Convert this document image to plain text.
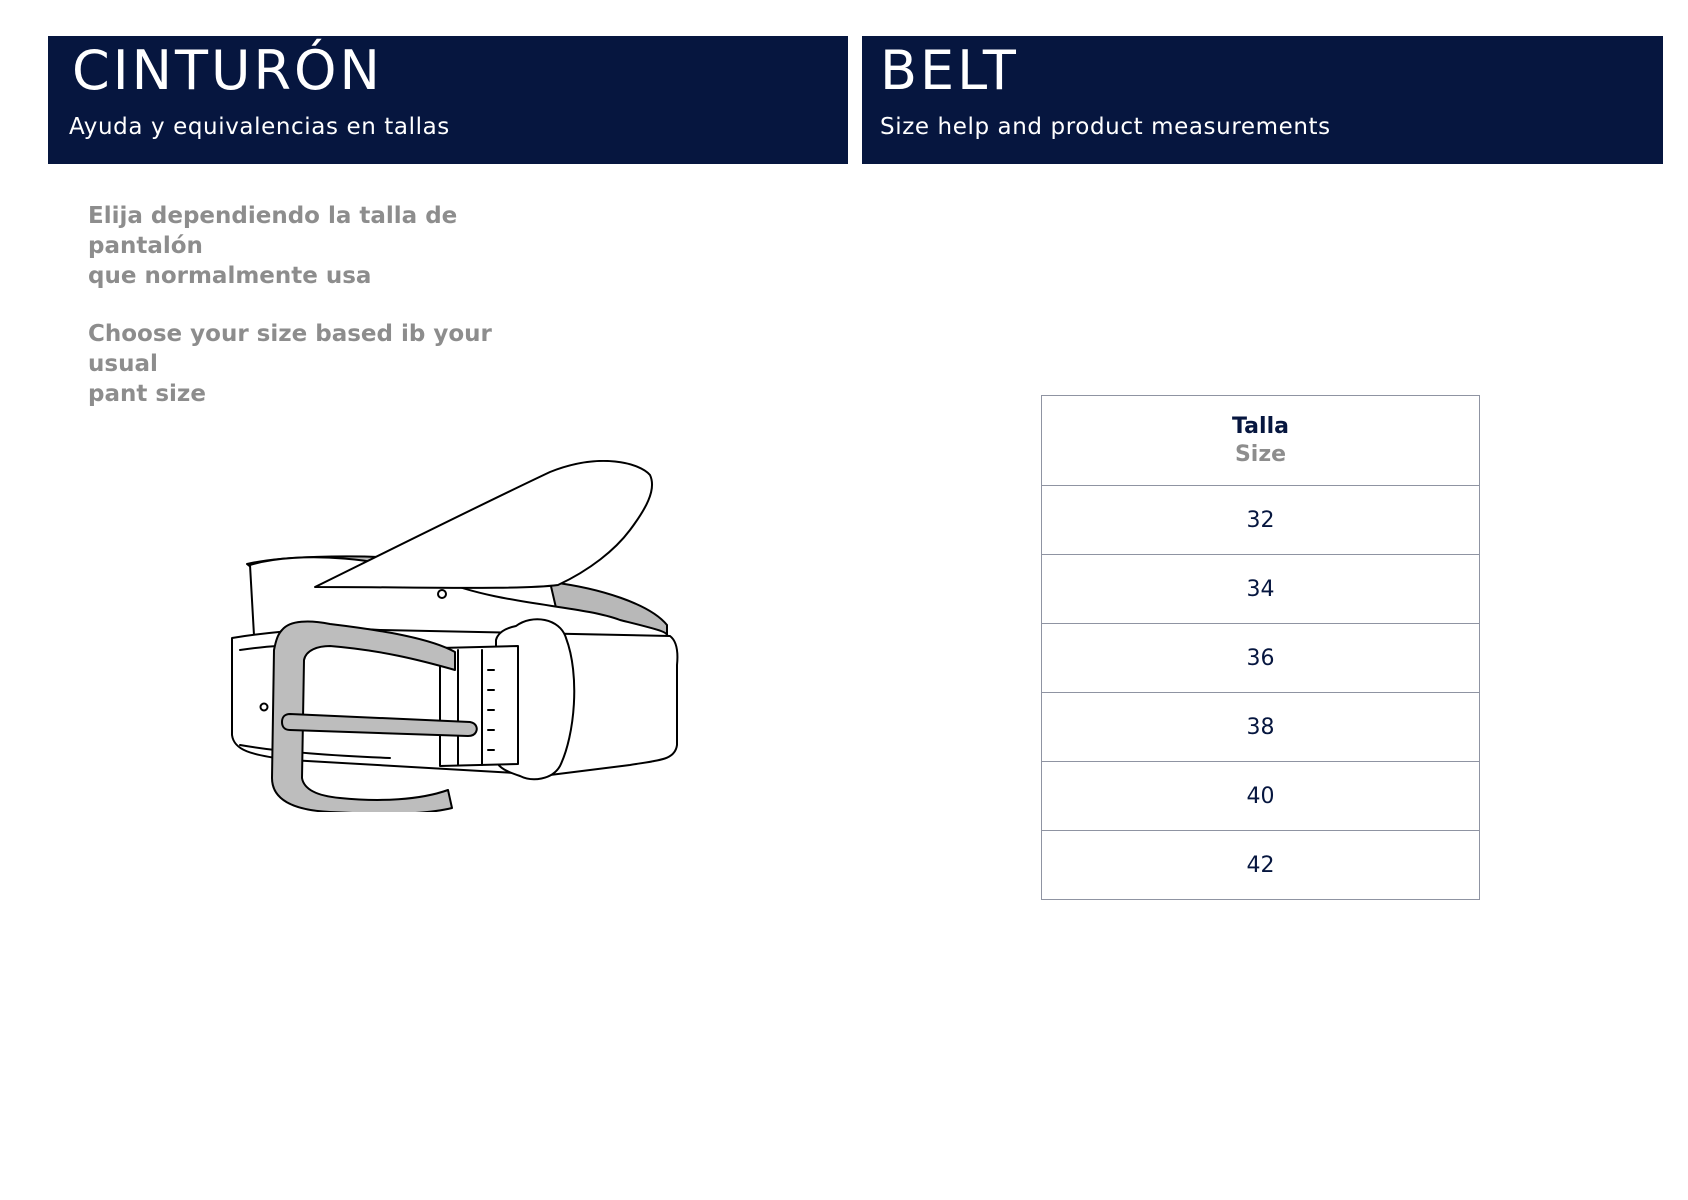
CINTURÓN
Ayuda y equivalencias en tallas
BELT
Size help and product measurements

Elija dependiendo la talla de pantalón
que normalmente usa

Choose your size based ib your usual
pant size

Talla
Size

32
34
36
38
40
42
